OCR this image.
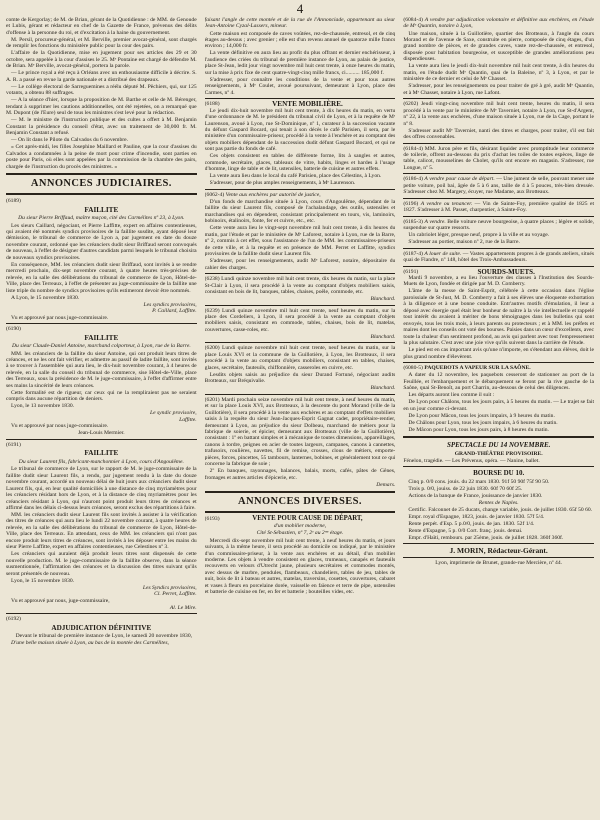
4

comte de Kergorlay; de M. de Brian, gérant de la Quotidienne : de MM. de Genoude et Lubis, gérant et rédacteur en chef de la Gazette de France, prévenus des délits d'offense à la personne du roi, et d'excitation à la haine du gouvernement.

M. Persil, procureur-général, et M. Berville, premier avocat-général, sont chargés de remplir les fonctions du ministère public pour la cour des pairs.

L'affaire de la Quotidienne, mise en jugement pour ses articles des 29 et 30 octobre, sera appelée à la cour d'assises le 25. Mᵉ Pontaine est chargé de défendre M. de Brian. Mᵉ Berville, avocat-général, portera la parole.

— Le prince royal a été reçu à Orléans avec un enthousiasme difficile à décrire. S. A. R. a passé en revue la garde nationale et a distribué des drapeaux.

— Le collège électoral de Sarreguemines a réélu député M. Pêchiers, qui, sur 125 votants, a obtenu 88 suffrages.

— A la séance d'hier, lorsque la proposition de M. Barthe et celle de M. Bérenger, tendant à supprimer les cautions additionnelles, ont été rejetées, on a remarqué que M. Dupont (de l'Eure) seul de tous les ministres s'est levé pour la rédaction.

— M. le ministre de l'instruction publique et des cultes a offert à M. Benjamin Constant la présidence du conseil d'état, avec un traitement de 30,000 fr. M. Benjamin Constant a refusé.

— On lit dans le Pilote du Calvados du 6 novembre.

« Cet après-midi, les filles Josephine Maillard et Pauline, que la cour d'assises du Calvados a condamnées à la peine de mort pour crime d'incendie, sont parties en poste pour Paris, où elles sont appelées par la commission de la chambre des pairs, chargée de l'instruction du procès des ministres. »

ANNONCES JUDICIAIRES.
(6189)
FAILLITE
Du sieur Pierre Briffaud, maître maçon, cité des Carmélites nº 23, à Lyon.

Les sieurs Caillard, négociant, et Pierre Laffitte, expert en affaires contentieuses, qui avaient été nommés syndics provisoires de la faillite susdite, ayant déposé leur démission, le tribunal de commerce de Lyon a, par jugement en date du douze novembre courant, ordonné que les créanciers dudit sieur Briffaud seront convoqués de nouveau, à l'effet de désigner d'autres candidats parmi lesquels le tribunal choisira de nouveaux syndics provisoires.

En conséquence, MM. les créanciers dudit sieur Briffaud, sont invités à se rendre mercredi prochain, dix-sept novembre courant, à quatre heures très-précises de relevée, en la salle des délibérations du tribunal de commerce de Lyon, Hôtel-de-Ville, place des Terreaux, à l'effet de présenter au juge-commissaire de la faillite une liste triple du nombre de syndics provisoires qu'ils estimeront devoir être nommés.

A Lyon, le 15 novembre 1830.

Les syndics provisoires,
P. Caillard, Laffitte.

Vu et approuvé par nous juge-commissaire.

(6190)
FAILLITE
Du sieur Claude-Daniel Antoine, marchand colporteur, à Lyon, rue de la Barre.

MM. les créanciers de la faillite du sieur Antoine, qui ont produit leurs titres de créances, et ne les ont fait vérifier, et admettre au passif de ladite faillite, sont invités à se trouver à l'assemblée qui aura lieu, le dix-huit novembre courant, à 4 heures de relevée, en la salle du conseil du tribunal de commerce, sise Hôtel-de-Ville, place des Terreaux, sous la présidence de M. le juge-commissaire, à l'effet d'affirmer entre ses mains la sincérité de leurs créances.

Cette formalité est de rigueur, car ceux qui ne la rempliraient pas ne seraient compris dans aucune répartition de deniers.

Lyon, le 13 novembre 1830.

Le syndic provisoire,
Laffitte.

Vu et approuvé par nous juge-commissaire.

Jean-Louis Mermier.
(6191)
FAILLITE
Du sieur Laurent fils, fabricant-manchonnier à Lyon, cours d'Angoulême.

Le tribunal de commerce de Lyon, sur le rapport de M. le juge-commissaire de la faillite dudit sieur Laurent fils, a rendu, par jugement rendu à la date du douze novembre courant, accordé un nouveau délai de huit jours aux créanciers dudit sieur Laurent fils, qui, en leur qualité domiciliés à une distance de cinq myriamètres pour les créanciers résidant hors de Lyon, et à la distance de cinq myriamètres pour les créanciers résidant à Lyon, qui n'auront point produit leurs titres de créances et affirmé dans les délais ci-dessus leurs créances, seront exclus des répartitions à faire.

MM. les créanciers dudit sieur Laurent fils sont invités à assister à la vérification des titres de créances qui aura lieu le lundi 22 novembre courant, à quatre heures de relevée, en la salle des délibérations du tribunal de commerce de Lyon, Hôtel-de-Ville, place des Terreaux. En attendant, ceux de MM. les créanciers qui n'ont pas encore produit leurs titres de créances, sont invités à les déposer entre les mains du sieur Pierre Laffitte, expert en affaires contentieuses, rue Celestines nº 3.

Les créanciers qui auraient déjà produit leurs titres sont dispensés de cette nouvelle production. M. le juge-commissaire de la faillite observe, dans la séance susmentionnée, l'affirmation des créances et la discussion des titres suivant qu'ils seront présentés de nouveau.

Lyon, le 15 novembre 1830.

Les Syndics provisoires,
Cl. Perret, Laffitte.

Vu et approuvé par nous, juge-commissaire,

Al. Le Mire.
(6192)
ADJUDICATION DÉFINITIVE

Devant le tribunal de première instance de Lyon, le samedi 20 novembre 1830,

D'une belle maison située à Lyon, au bas de la montée des Carmélites,

faisant l'angle de cette montée et de la rue de l'Annonciade, appartenant au sieur Jean-Antoine Cyzal-Lassers, mineur.

Cette maison est composée de caves voûtées, rez-de-chaussée, entresol, et de cinq étages au-dessus ; avec grenier ; elle est d'un revenu annuel de quatorze mille francs environ ; 14,000 fr.

La vente définitive en aura lieu au profit du plus offrant et dernier enchérisseur, à l'audience des criées du tribunal de première instance de Lyon, au palais de justice, place St-Jean, ledit jour vingt novembre mil huit cent trente, à onze heures du matin, sur la mise à prix fixe de cent quatre-vingt-cinq mille francs, ci.......... 185,000 f.

S'adresser, pour connaître les conditions de la vente et pour tous autres renseignements, à Mᵉ Coulet, avoué poursuivant, demeurant à Lyon, place des Carmes, nº 4.

(6188)	VENTE MOBILIÈRE.

Le jeudi dix-huit novembre mil huit cent trente, à dix heures du matin, en vertu d'une ordonnance de M. le président du tribunal civil de Lyon, et à la requête de Mᵉ Laurenson, avoué à Lyon, rue St-Dominique, nº 1, curateur à la succession vacante du défunt Gaspard Bocard, qui tenait à son décès le café Parisien, il sera, par le ministère d'un commissaire-priseur, procédé à la vente à l'enchère et au comptant des objets mobiliers dépendant de la succession dudit défunt Gaspard Bocard, et qui ne sont pas partie du fonds de café.

Ces objets consistent en tables de différente forme, lits à sangles et autres, commode, secrétaire, glaces, tableaux de vitre, habits, linges et hardes à l'usage d'homme, linge de table et de lit, ustensiles, batterie de cuisine et autres effets.

La vente aura lieu dans le local du café Parisien, place des Célestins, à Lyon.

S'adresser, pour de plus amples renseignements, à Mᵉ Laurenson.

(6062-4) Vente aux enchères par autorité de justice,

D'un fonds de marchandise située à Lyon, cours d'Angoulême, dépendant de la faillite du sieur Laurent fils, composé de l'achalandage, des outils, ustensiles et marchandises qui en dépendent, consistant principalement en tours, vis, laminoirs, bobinoirs, étalinoirs, fonte, fer et cuivre, etc., etc.

Cette vente aura lieu le vingt-sept novembre mil huit cent trente, à dix heures du matin, par l'étude et par le ministère de Mᵉ Laforest, notaire à Lyon, rue de la Barre, nº 2, commis à cet effet, sous l'assistance de l'un de MM. les commissaires-priseurs de cette ville, et à la requête et en présence de MM. Perret et Laffitte, syndics provisoires de la faillite dudit sieur Laurent fils.

S'adresser, pour les renseignements, audit Mᵉ Laforest, notaire, dépositaire du cahier des charges.

(6238) Lundi quinze novembre mil huit cent trente, dix heures du matin, sur la place St-Clair à Lyon, il sera procédé à la vente au comptant d'objets mobiliers saisis, consistant en bois de lit, banques, tables, chaises, poêle, commode, etc.

Blanchard.

(6239) Lundi quinze novembre mil huit cent trente, neuf heures du matin, sur la place des Cordeliers, à Lyon, il sera procédé à la vente au comptant d'objets mobiliers saisis, consistant en commode, tables, chaises, bois de lit, matelas, couvertures, casse-roles, etc.

Blanchard.

(6200) Lundi quinze novembre mil huit cent trente, neuf heures du matin, sur la place Louis XVI et la commune de la Guillotière, à Lyon, les Brotteaux, il sera procédé à la vente au comptant d'objets mobiliers, consistant en tables, chaises, glaces, secrétaire, fauteuils, chiffonnière, casseroles en cuivre, etc.

Lesdits objets saisis au préjudice du sieur Durand Fortuné, négociant audits Brotteaux, sur Bréquivalie.

Blanchard.

(6201) Mardi prochain seize novembre mil huit cent trente, à neuf heures du matin, et sur la place Louis XVI, aux Brotteaux, à la descente du pont Morand (ville de la Guillotière), il sera procédé à la vente aux enchères et au comptant d'effets mobiliers saisis à la requête du sieur Jean-Jacques-Esprit Gagnat cadet, propriétaire-rentier, demeurant à Lyon, au préjudice du sieur Dolbeau, marchand de métiers pour la fabrique de soierie, et épicier, demeurant aux Brotteaux (ville de la Guillotière), consistant : 1º en battant simples et à mécanique de toutes dimensions, appareillages, canons à tordre, peignes en acier de toutes largeurs, campanes, canons à cannettes, trafusoirs, roulières, navettes, fil de remise, crosses, clous de métiers, emporte-pièces, forces, pincettes, 55 tambours, lanternes, bobines, et généralement tout ce qui concerne la fabrique de soie ;

2º En banques, rayonnages, balances, balais, morts, cafés, pâtes de Gênes, fromages et autres articles d'épicerie, etc.

Demars.
ANNONCES DIVERSES.
(6193)	VENTE POUR CAUSE DE DÉPART,
d'un mobilier moderne,
Cité St-Sébastien, nº 7, 2ᵉ au 2ᵐᵉ étage.

Mercredi dix-sept novembre mil huit cent trente, à neuf heures du matin, et jours suivants, à la même heure, il sera procédé au domicile ou indiqué, par le ministère d'un commissaire-priseur, à la vente aux enchères et au détail, d'un mobilier moderne. Les objets à vendre consistent en glaces, trumeaux, canapés et fauteuils recouverts en velours d'Utrecht jaune, plusieurs secrétaires et commodes montés, avec dessus de marbre, pendules, flambeaux, chandeliers, tables de jeu, tables de nuit, bois de lit à bateau et autres, matelas, traversins, couettes, couvertures, cabaret et vases à fleurs en porcelaine dorée, vaisselle en faïence et terre de pipe, ustensiles et batterie de cuisine en fer, en fer et batterie ; bouteilles vides, etc.

(6084-4) A vendre par adjudication volontaire et définitive aux enchères, en l'étude de Mᵉ Quantin, notaire à Lyon,

Une maison, située à la Guillotière, quartier des Brotteaux, à l'angle du cours Morand et de l'avenue de Saxe, construite en pierre, composée de cinq étages, d'un grand nombre de pièces, et de grandes caves, vaste rez-de-chaussée, et entresol, disposée pour habitation bourgeoise, et susceptible de grandes améliorations peu dispendieuses.

La vente aura lieu le jeudi dix-huit novembre mil huit cent trente, à dix heures du matin, en l'étude dudit Mᵉ Quantin, quai de la Baleine, nº 3, à Lyon, et par le ministère de ce dernier et celui de Mᵉ Chasset.

S'adresser, pour les renseignements ou pour traiter de gré à gré, audit Mᵉ Quantin, et à Mᵉ Chasset, notaire à Lyon, rue Lafont.

(6202) Jeudi vingt-cinq novembre mil huit cent trente, heures du matin, il sera procédé à la vente par le ministère de Mᵉ Taverniet, notaire à Lyon, rue St-d'Argent, nº 22, à la vente aux enchères, d'une maison située à Lyon, rue de la Cage, portant le nº 8.

S'adresser audit Mᵉ Taverniet, nanti des titres et charges, pour traiter, s'il est fait des offres convenables.

(6184-4) MM. Juron père et fils, désirant liquider avec promptitude leur commerce de toilerie, offrent au-dessous du prix d'achat les toiles de toutes espèces, linge de table, calicot, mousselines de Cholet, qu'ils ont encore en magasin. S'adresser, rue Longue, nº 5.

(6186-4) A vendre pour cause de départ. — Une jument de selle, pouvant mener une petite voiture, poil bai, âgée de 5 à 6 ans, taille de 4 à 5 pouces, très-bien dressée. S'adresser chez M. Margery, écuyer, rue Madame, aux Brotteaux.

(6196) A vendre ou tenancer. — Vin de Sainte-Foy, première qualité de 1825 et 1827. S'adresser à M. Passet, charpentier, à Sainte-Foy.

(6185-3) A vendre. Belle voiture neuve bourgeoise, à quatre places ; légère et solide, suspendue sur quatre ressorts.

Un cabriolet léger, presque neuf, propre à la ville et au voyage.

S'adresser au portier, maison nº 2, rue de la Barre.

(6187-4) A louer de suite. — Vastes appartements propres à de grands ateliers, situés quai de Flandre, nº 148, hôtel des Trois-Ambassadeurs.

(6191)	SOURDS-MUETS.

Mardi 9 novembre, a eu lieu l'ouverture des classes à l'Institution des Sourds-Muets de Lyon, fondée et dirigée par M. D. Comberry.

L'âme de la messe de Saint-Esprit, célébrée à cette occasion dans l'église paroissiale de St-Just, M. D. Comberry a fait à ses élèves une éloquente exhortation à la diligence et à une bonne conduite. Entr'autres motifs d'émulation, il leur a déposé avec énergie quel était leur bonheur de naître à la vie intellectuelle et rappelé tout intérêt du avaient à mériter de bons témoignages dans les bulletins qui sont envoyés, tous les trois mois, à leurs parents ou protecteurs ; et à MM. les préfets et maires dont les conseils ont voté des bourses. Paisies dans un cœur d'excellents, avec toute la chaleur d'un sentiment profond, au avis qui parlent avec tout l'empressement la plus salutaire. C'est avec une joie vive qu'ils suivent dans la carrière de l'étude.

Le pied est en cas important avis qu'une n'importe, en s'étendant aux élèves, doit le plus grand nombre d'élevèrent.

(6080-5) PAQUEBOTS A VAPEUR SUR LA SAÔNE.

A dater du 12 novembre, les paquebots cesseront de stationner au port de la Feuillée, et l'embarquement et le débarquement se feront par la rive gauche de la Saône, quai St-Benoît, au port Charrin, au-dessous de celui des diligences.

Les départs auront lieu comme il suit :

De Lyon pour Châlons, tous les jours pairs, à 5 heures du matin. — Le trajet se fait en un jour comme ci-devant.

De Lyon pour Mâcon, tous les jours impairs, à 9 heures du matin.

De Châlons pour Lyon, tous les jours impairs, à 6 heures du matin.

De Mâcon pour Lyon, tous les jours pairs, à 8 heures du matin.

SPECTACLE DU 14 NOVEMBRE.
GRAND-THÉÂTRE PROVISOIRE.

Fénelon, tragédie. — Les Prévenus, opéra. — Nanine, ballet.

BOURSE DU 10.

Cinq p. 0/0 cons. jouis. du 22 mars 1830. 91f 50 90f 75f 90 50.

Trois p. 0/0, jouiss. de 22 juin 1830. 60f 70 60f 25.

Actions de la banque de France, jouissance de janvier 1830.

Rentes de Naples.

Certific. Falconnet de 25 ducats, change variable, jouis. de juillet 1830. 65f 50 60.

Empr. royal d'Espagne, 1823, jouis. de janvier 1830. 57f 5/4.

Rente perpét. d'Esp. 5 p.0/0, jouis. de jan. 1830. 52f 1/4.

Rente d'Espagne, 5 p. 0/0 Cort. franç. jouis. demai.

Empr. d'Haïti, rembours. par 25ème, jouis. de juillet 1828. 360f 360f.

J. MORIN, Rédacteur-Gérant.
Lyon, imprimerie de Brunet, grande-rue Mercière, nº 44.
